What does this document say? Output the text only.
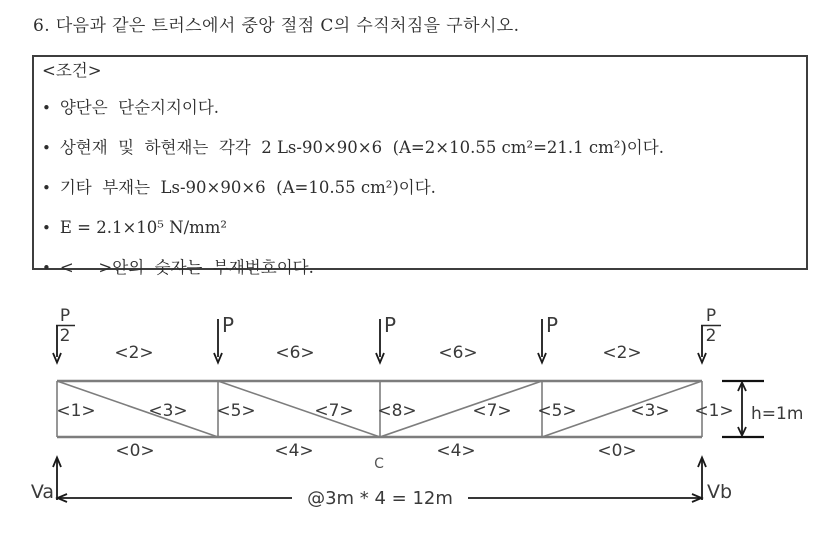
6. 다음과 같은 트러스에서 중앙 절점 C의 수직처짐을 구하시오.
<조건>
• 양단은  단순지지이다.
• 상현재  및  하현재는  각각  2 Ls-90×90×6  (A=2×10.55 cm²=21.1 cm²)이다.
• 기타  부재는  Ls-90×90×6  (A=10.55 cm²)이다.
• E = 2.1×10⁵ N/mm²
• <  >안의  숫자는  부재번호이다.
P
2	P	P	P	P
2
<2>	<6>	<6>	<2>
<1>	<3> <5>	<7> <8>	<7> <5>	<3> <1>
<0>	<4>	<4>	<0>
C
Va	Vb
@3m * 4 = 12m
h=1m
